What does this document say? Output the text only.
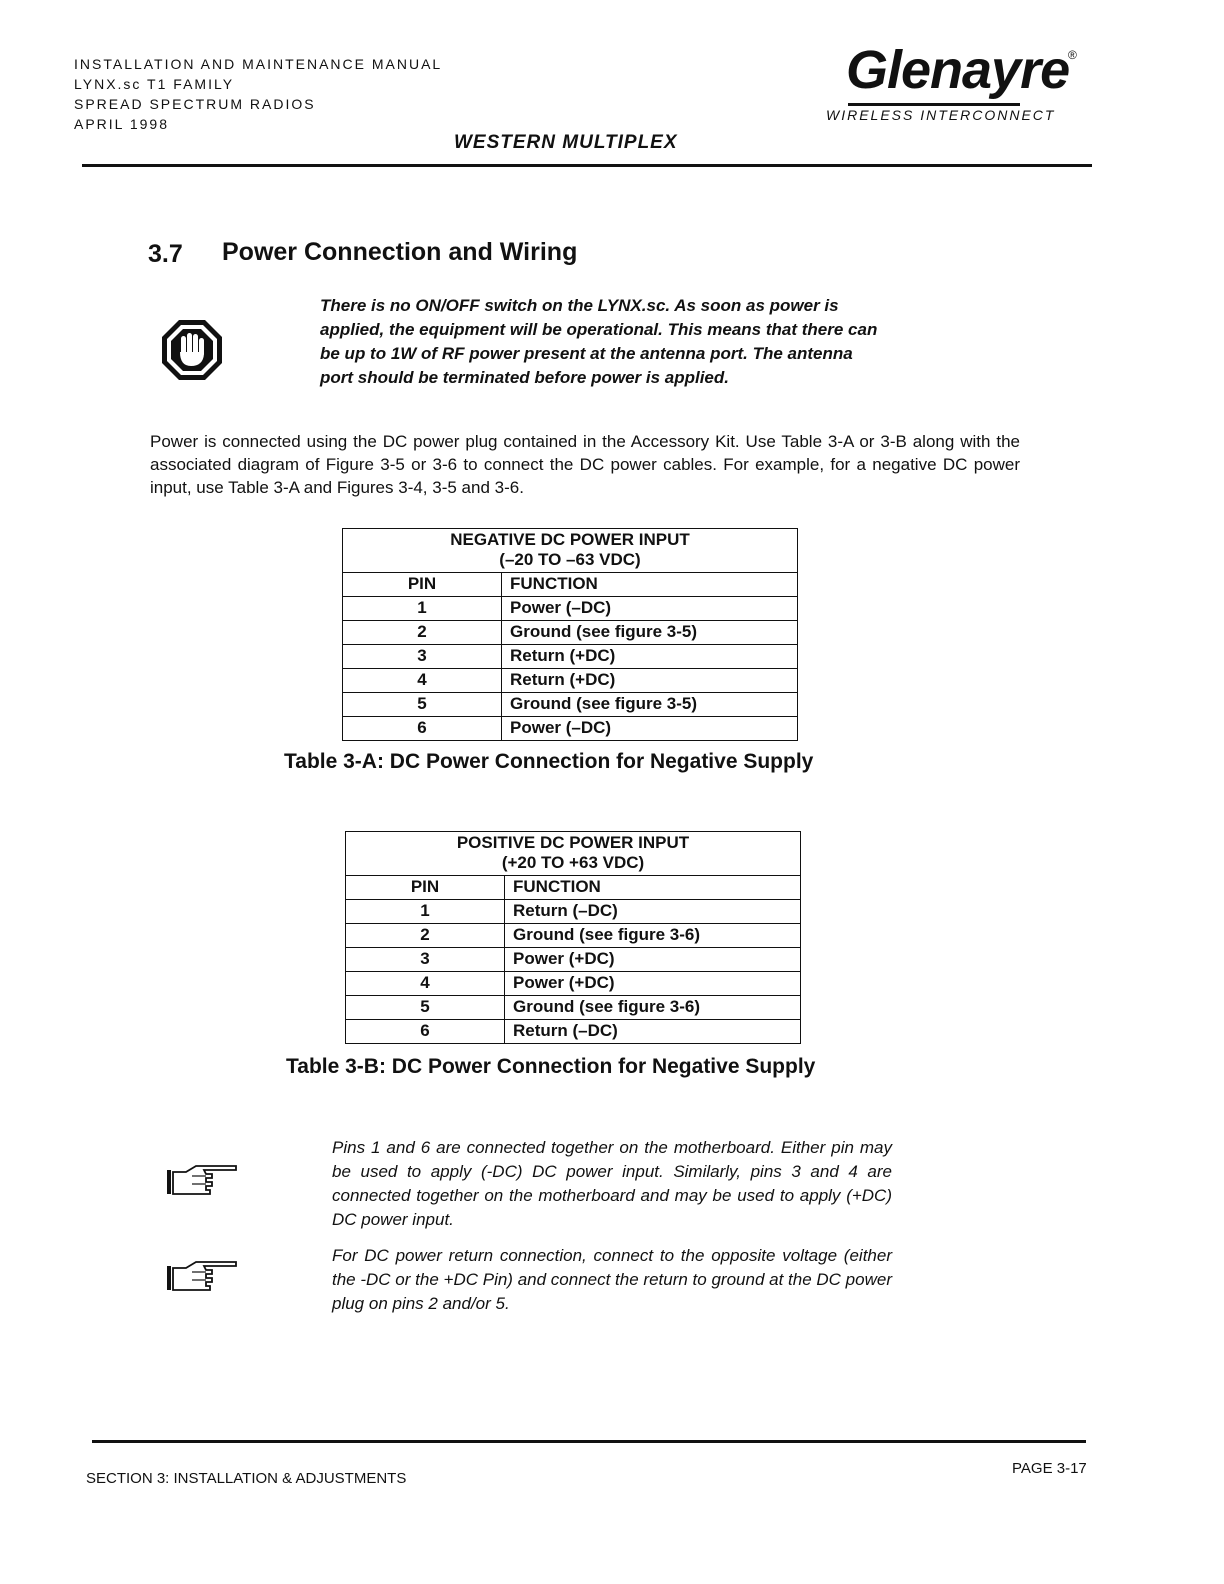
INSTALLATION AND MAINTENANCE MANUAL
LYNX.sc T1 FAMILY
SPREAD SPECTRUM RADIOS
APRIL 1998
Glenayre
®
WIRELESS INTERCONNECT
WESTERN MULTIPLEX
3.7 Power Connection and Wiring
There is no ON/OFF switch on the LYNX.sc. As soon as power is applied, the equipment will be operational. This means that there can be up to 1W of RF power present at the antenna port. The antenna port should be terminated before power is applied.
Power is connected using the DC power plug contained in the Accessory Kit. Use Table 3-A or 3-B along with the associated diagram of Figure 3-5 or 3-6 to connect the DC power cables. For example, for a negative DC power input, use Table 3-A and Figures 3-4, 3-5 and 3-6.
NEGATIVE DC POWER INPUT
(–20 TO –63 VDC)	

PIN	FUNCTION
1	Power (–DC)
2	Ground (see figure 3-5)
3	Return (+DC)
4	Return (+DC)
5	Ground (see figure 3-5)
6	Power (–DC)
Table 3-A: DC Power Connection for Negative Supply
POSITIVE DC POWER INPUT
(+20 TO +63 VDC)	

PIN	FUNCTION
1	Return (–DC)
2	Ground (see figure 3-6)
3	Power (+DC)
4	Power (+DC)
5	Ground (see figure 3-6)
6	Return (–DC)
Table 3-B: DC Power Connection for Negative Supply
Pins 1 and 6 are connected together on the motherboard. Either pin may be used to apply (-DC) DC power input. Similarly, pins 3 and 4 are connected together on the motherboard and may be used to apply (+DC) DC power input.
For DC power return connection, connect to the opposite voltage (either the -DC or the +DC Pin) and connect the return to ground at the DC power plug on pins 2 and/or 5.
SECTION 3: INSTALLATION & ADJUSTMENTS
PAGE 3-17
